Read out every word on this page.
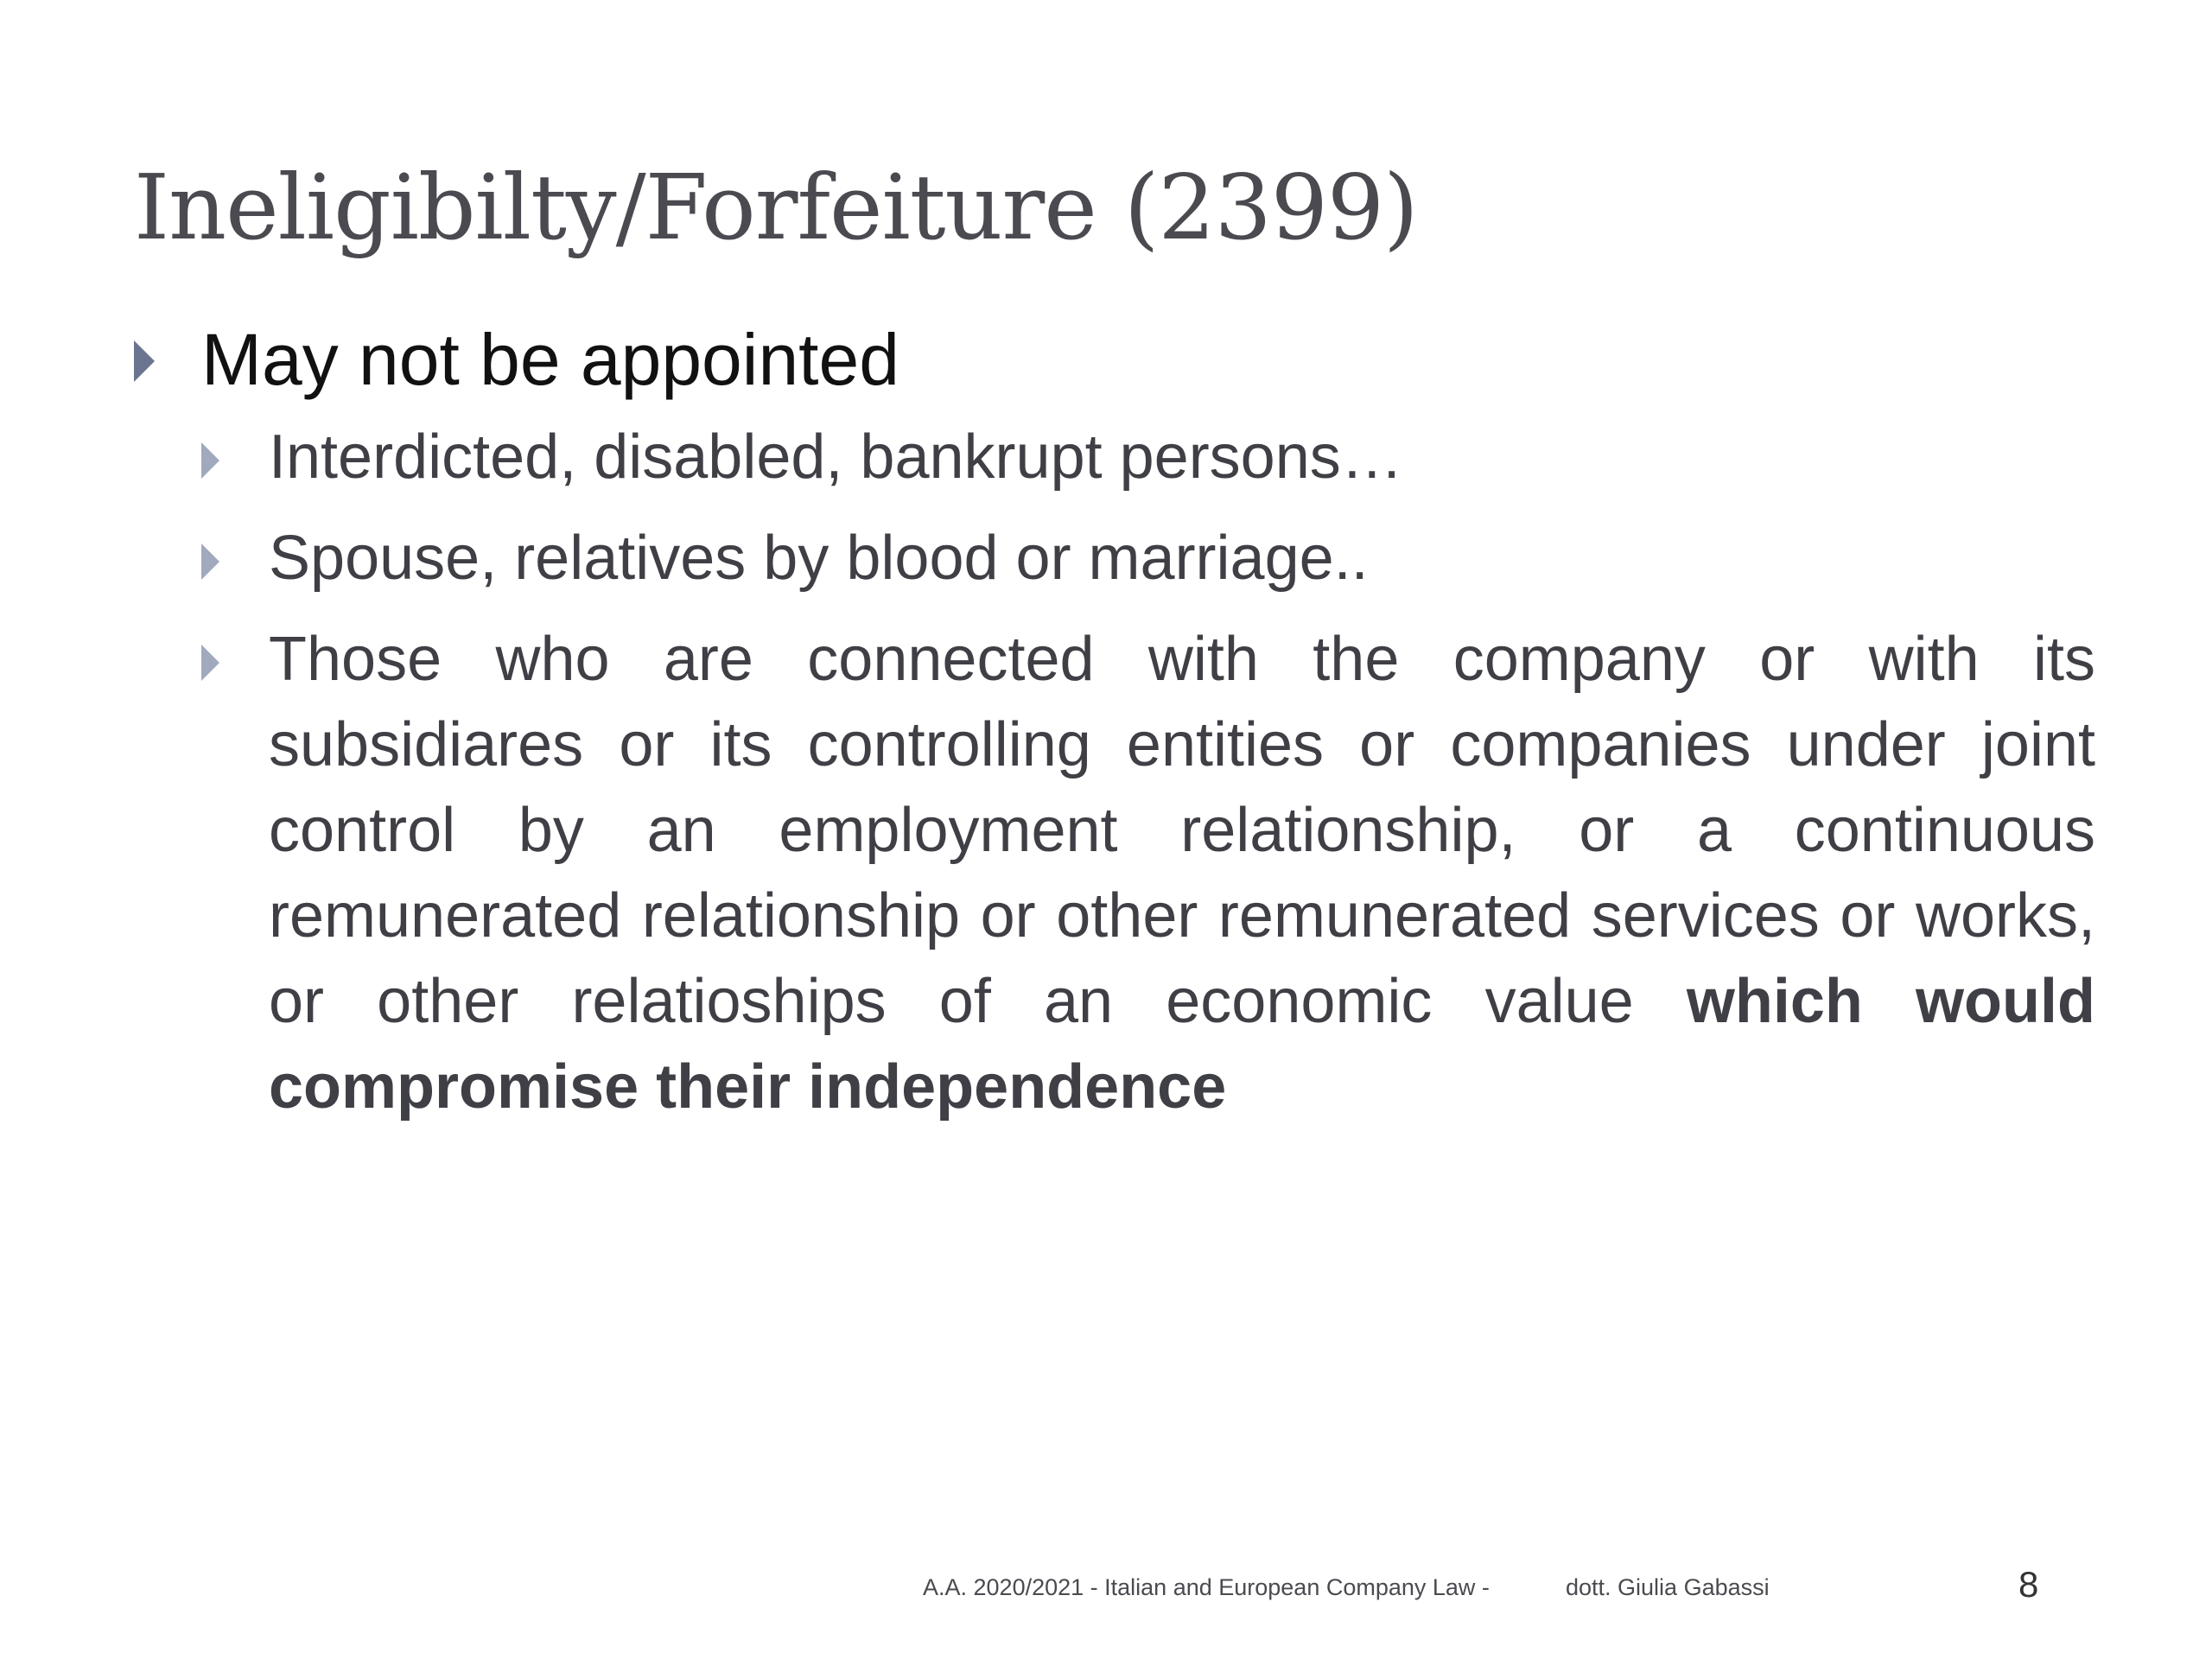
Ineligibilty/Forfeiture (2399)

May not be appointed

Interdicted, disabled, bankrupt persons…

Spouse, relatives by blood or marriage..

Those who are connected with the company or with its subsidiares or its controlling entities or companies under joint control by an employment relationship, or a continuous remunerated relationship or other remunerated services or works, or other relatioships of an economic value which would compromise their independence

A.A. 2020/2021 - Italian and European Company Law -	dott. Giulia Gabassi	8
